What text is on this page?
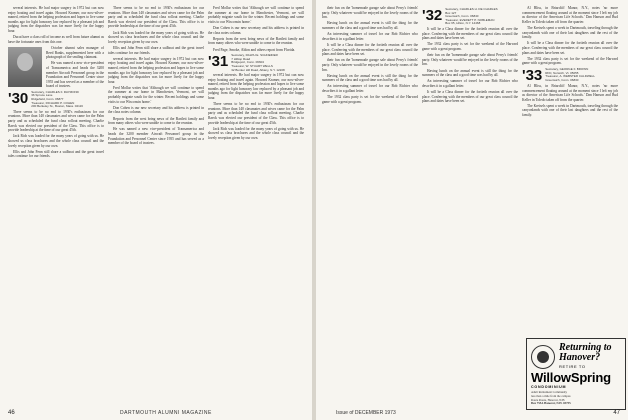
several interests. He had major surgery in 1972 but can now enjoy boating and travel again. Howard Kramer, our now-silver-maned, retired from the helping profession and hopes to live some months ago for light honorary law replaced by a pleasant job and judging from the dispatches was far more lively for the happy hour.

Ducat have a class roll of income as well from future alumni as have the fortunate ones from this one.

October alumni sales manager of Reed Banks, supplemented here with a photograph of the smiling claimant.

He was named a new vice-president of Transamerica and heads the 3200 member Aircraft Personnel group in the Foundation and Personnel Center since 1955 and has served as a member of the board of trustees.

'30 Secretary, CHARLES F. RAYMOND
36 Spruce Lane
Ridgefield, Conn. 06877
Treasurer, RICHARD P. COHEN
200 Berkeley St., Boston, Mass. 02116

There seems to be no end to 1930's enthusiasm for our reunions. More than 140 classmates and wives came for the Palm party and as scheduled the fund class rollout meeting. Charlie Raeck was elected our president of the Class. This office is to provide leadership at the time of our great 45th.

Jack Rich was loaded for the many years of going with us. He showed us class brochures and the whole class council and the lovely reception given by our own.

Ellis and John Fenn still share a sailboat and the great travel tales continue for our friends.

There seems to be no end to 1930's enthusiasm for our reunions. More than 140 classmates and wives came for the Palm party and as scheduled the fund class rollout meeting. Charlie Raeck was elected our president of the Class. This office is to provide leadership at the time of our great 45th.

Jack Rich was loaded for the many years of going with us. He showed us class brochures and the whole class council and the lovely reception given by our own.

Ellis and John Fenn still share a sailboat and the great travel tales continue for our friends.

several interests. He had major surgery in 1972 but can now enjoy boating and travel again. Howard Kramer, our now-silver-maned, retired from the helping profession and hopes to live some months ago for light honorary law replaced by a pleasant job and judging from the dispatches was far more lively for the happy hour.

Fred Mollar writes that 'Although we will continue to spend the summer at our home in Manchester, Vermont, we will probably migrate south for the winter. Recent holdings and some visits to our Wisconsin home.'

Don Cohen is our new secretary and his address is printed in the class notes column.

Reports from the west bring news of the Bartlett family and from many others who were unable to come to the reunion.

He was named a new vice-president of Transamerica and heads the 3200 member Aircraft Personnel group in the Foundation and Personnel Center since 1955 and has served as a member of the board of trustees.

Fred Mollar writes that 'Although we will continue to spend the summer at our home in Manchester, Vermont, we will probably migrate south for the winter. Recent holdings and some visits to our Wisconsin home.'

Don Cohen is our new secretary and his address is printed in the class notes column.

Reports from the west bring news of the Bartlett family and from many others who were unable to come to the reunion.

Fred Page, Smoke, Aldon and others report from Florida.

'31 Secretary, RALPH E. SCHNEIDER
7 Hilltop Road
Bridgeport, Conn. 06604
Treasurer, W. STUART WELLS
32 Bunker Hill Road, Albany, N.Y. 12208

several interests. He had major surgery in 1972 but can now enjoy boating and travel again. Howard Kramer, our now-silver-maned, retired from the helping profession and hopes to live some months ago for light honorary law replaced by a pleasant job and judging from the dispatches was far more lively for the happy hour.

There seems to be no end to 1930's enthusiasm for our reunions. More than 140 classmates and wives came for the Palm party and as scheduled the fund class rollout meeting. Charlie Raeck was elected our president of the Class. This office is to provide leadership at the time of our great 45th.

Jack Rich was loaded for the many years of going with us. He showed us class brochures and the whole class council and the lovely reception given by our own.

46	DARTMOUTH ALUMNI MAGAZINE

their fun on the 'homemade garage sale about Perry's friends' party. Only whatever would be enjoyed in the lovely rooms of the Inn.

Having lunch on the annual event is still the thing for the summers of the class and a good time was had by all.

An interesting summer of travel for our Bob Richter who describes it in a gallant letter.

It will be a Class dinner for the fortieth reunion all over the place. Conferring with the members of our great class council the plans and dates have been set.

their fun on the 'homemade garage sale about Perry's friends' party. Only whatever would be enjoyed in the lovely rooms of the Inn.

Having lunch on the annual event is still the thing for the summers of the class and a good time was had by all.

An interesting summer of travel for our Bob Richter who describes it in a gallant letter.

The 1932 class party is set for the weekend of the Harvard game with a great program.

'32 Secretary, CHARLES H. DE CHARLES
Box 127
Greenwich, Conn. 06840
Treasurer, EVERETT P. NOBLEMAN
Box 65, Hilton, N.Y. 14468

It will be a Class dinner for the fortieth reunion all over the place. Conferring with the members of our great class council the plans and dates have been set.

The 1932 class party is set for the weekend of the Harvard game with a great program.

their fun on the 'homemade garage sale about Perry's friends' party. Only whatever would be enjoyed in the lovely rooms of the Inn.

Having lunch on the annual event is still the thing for the summers of the class and a good time was had by all.

An interesting summer of travel for our Bob Richter who describes it in a gallant letter.

It will be a Class dinner for the fortieth reunion all over the place. Conferring with the members of our great class council the plans and dates have been set.

Al Bliss, in Briarcliff Manor, N.Y., notes 'no more commencement floating around at the moment since I left my job as director of the American Life Schools.' Dan Hanson and Bud Keller in Toledo taken off from the quarter.

The Kreisels spent a week in Dartmouth, traveling through the canyonlands with one of their last daughters and the rest of the family.

It will be a Class dinner for the fortieth reunion all over the place. Conferring with the members of our great class council the plans and dates have been set.

The 1932 class party is set for the weekend of the Harvard game with a great program.

'33 Secretary, GEORGE F. BROWN
RFD, Norwich, Vt. 05055
Treasurer, A. WEBSTER CALDWELL
Greenwich, Conn. 06830

Al Bliss, in Briarcliff Manor, N.Y., notes 'no more commencement floating around at the moment since I left my job as director of the American Life Schools.' Dan Hanson and Bud Keller in Toledo taken off from the quarter.

The Kreisels spent a week in Dartmouth, traveling through the canyonlands with one of their last daughters and the rest of the family.

Returning to
Hanover?
RETIRE TO
WillowSpring
CONDOMINIUM
Adult Retirement Community
less than a mile from the campus
Route Route, Hanover, N.H.
Box 755A Hanover, N.H. 03755
Issue of DECEMBER 1973	47
